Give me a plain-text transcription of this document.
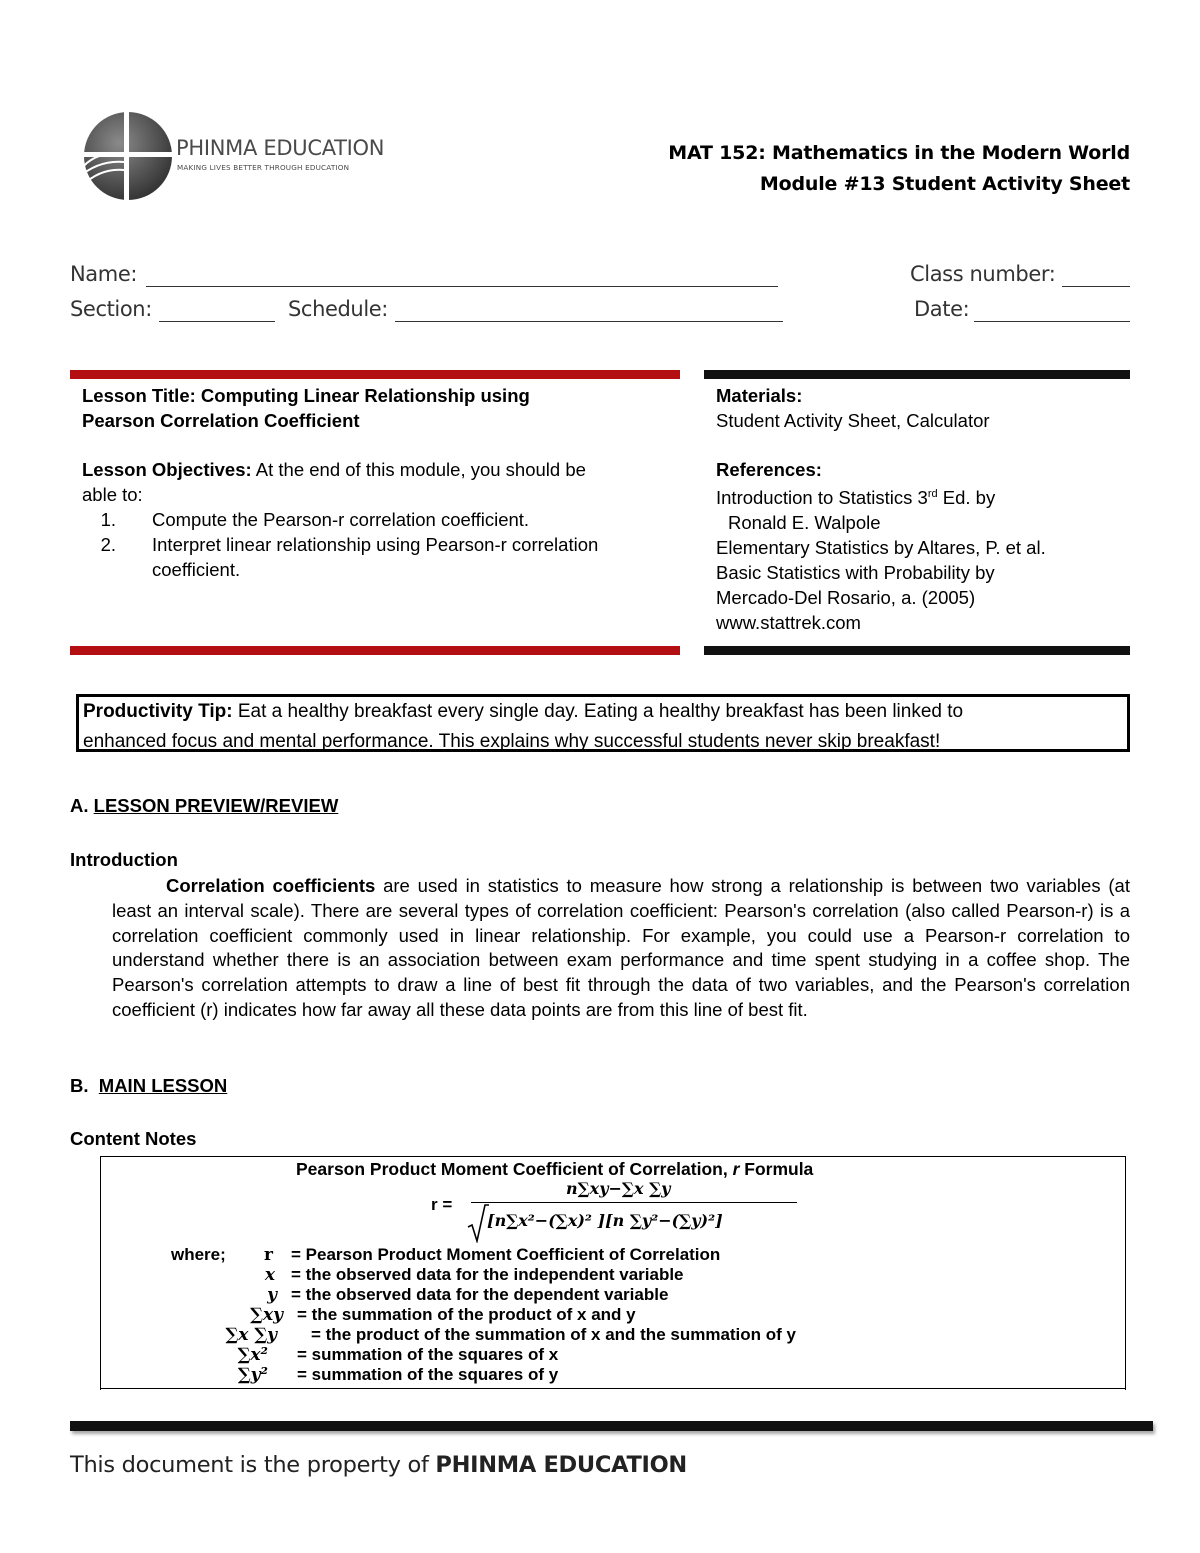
PHINMA EDUCATION
MAKING LIVES BETTER THROUGH EDUCATION
MAT 152: Mathematics in the Modern World
Module #13 Student Activity Sheet
Name:	Class number:
Section:	Schedule:	Date:
Lesson Title: Computing Linear Relationship using
Pearson Correlation Coefficient
Lesson Objectives: At the end of this module, you should be
able to:
1. Compute the Pearson-r correlation coefficient.
2. Interpret linear relationship using Pearson-r correlation
coefficient.
Materials:
Student Activity Sheet, Calculator
References:
Introduction to Statistics 3rd Ed. by
Ronald E. Walpole
Elementary Statistics by Altares, P. et al.
Basic Statistics with Probability by
Mercado-Del Rosario, a. (2005)
www.stattrek.com
Productivity Tip: Eat a healthy breakfast every single day. Eating a healthy breakfast has been linked to
enhanced focus and mental performance. This explains why successful students never skip breakfast!
A. LESSON PREVIEW/REVIEW
Introduction
Correlation coefficients are used in statistics to measure how strong a relationship is between two variables (at least an interval scale). There are several types of correlation coefficient: Pearson's correlation (also called Pearson-r) is a correlation coefficient commonly used in linear relationship. For example, you could use a Pearson-r correlation to understand whether there is an association between exam performance and time spent studying in a coffee shop. The Pearson's correlation attempts to draw a line of best fit through the data of two variables, and the Pearson's correlation coefficient (r) indicates how far away all these data points are from this line of best fit.
B. MAIN LESSON
Content Notes
Pearson Product Moment Coefficient of Correlation, r Formula
r =
n∑xy−∑x ∑y
[n∑x²−(∑x)² ][n ∑y²−(∑y)²]
where; r = Pearson Product Moment Coefficient of Correlation
x = the observed data for the independent variable
y = the observed data for the dependent variable
∑xy = the summation of the product of x and y
∑x ∑y = the product of the summation of x and the summation of y
∑x² = summation of the squares of x
∑y² = summation of the squares of y
This document is the property of PHINMA EDUCATION
